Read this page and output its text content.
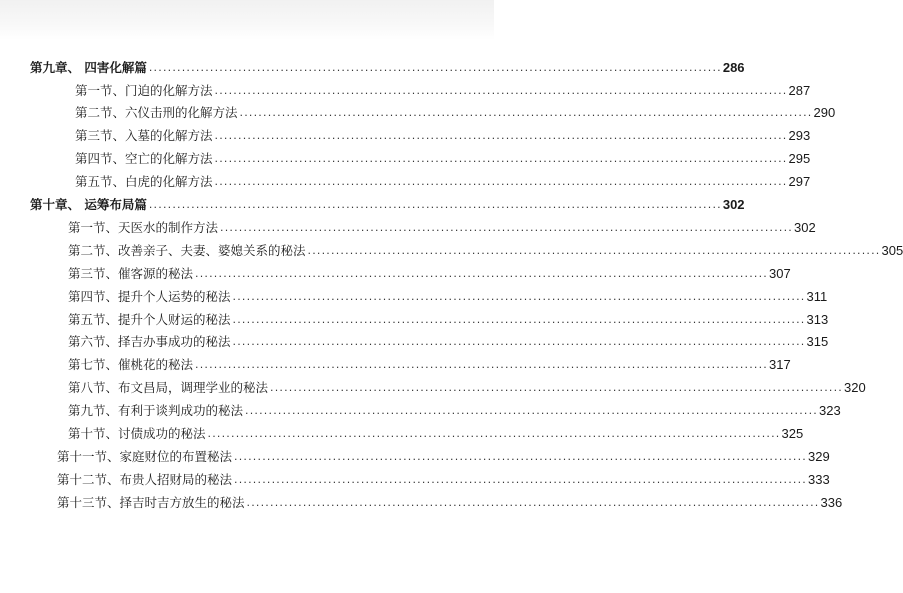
第九章、 四害化解篇 .......................................................................................................................... 286
第一节、门迫的化解方法 .......................................................................................................................... 287
第二节、六仪击刑的化解方法 .......................................................................................................................... 290
第三节、入墓的化解方法 .......................................................................................................................... 293
第四节、空亡的化解方法 .......................................................................................................................... 295
第五节、白虎的化解方法 .......................................................................................................................... 297
第十章、 运筹布局篇 .......................................................................................................................... 302
第一节、天医水的制作方法 .......................................................................................................................... 302
第二节、改善亲子、夫妻、婆媳关系的秘法 .......................................................................................................................... 305
第三节、催客源的秘法 .......................................................................................................................... 307
第四节、提升个人运势的秘法 .......................................................................................................................... 311
第五节、提升个人财运的秘法 .......................................................................................................................... 313
第六节、择吉办事成功的秘法 .......................................................................................................................... 315
第七节、催桃花的秘法 .......................................................................................................................... 317
第八节、布文昌局，调理学业的秘法 .......................................................................................................................... 320
第九节、有利于谈判成功的秘法 .......................................................................................................................... 323
第十节、讨债成功的秘法 .......................................................................................................................... 325
第十一节、家庭财位的布置秘法 .......................................................................................................................... 329
第十二节、布贵人招财局的秘法 .......................................................................................................................... 333
第十三节、择吉时吉方放生的秘法 .......................................................................................................................... 336
